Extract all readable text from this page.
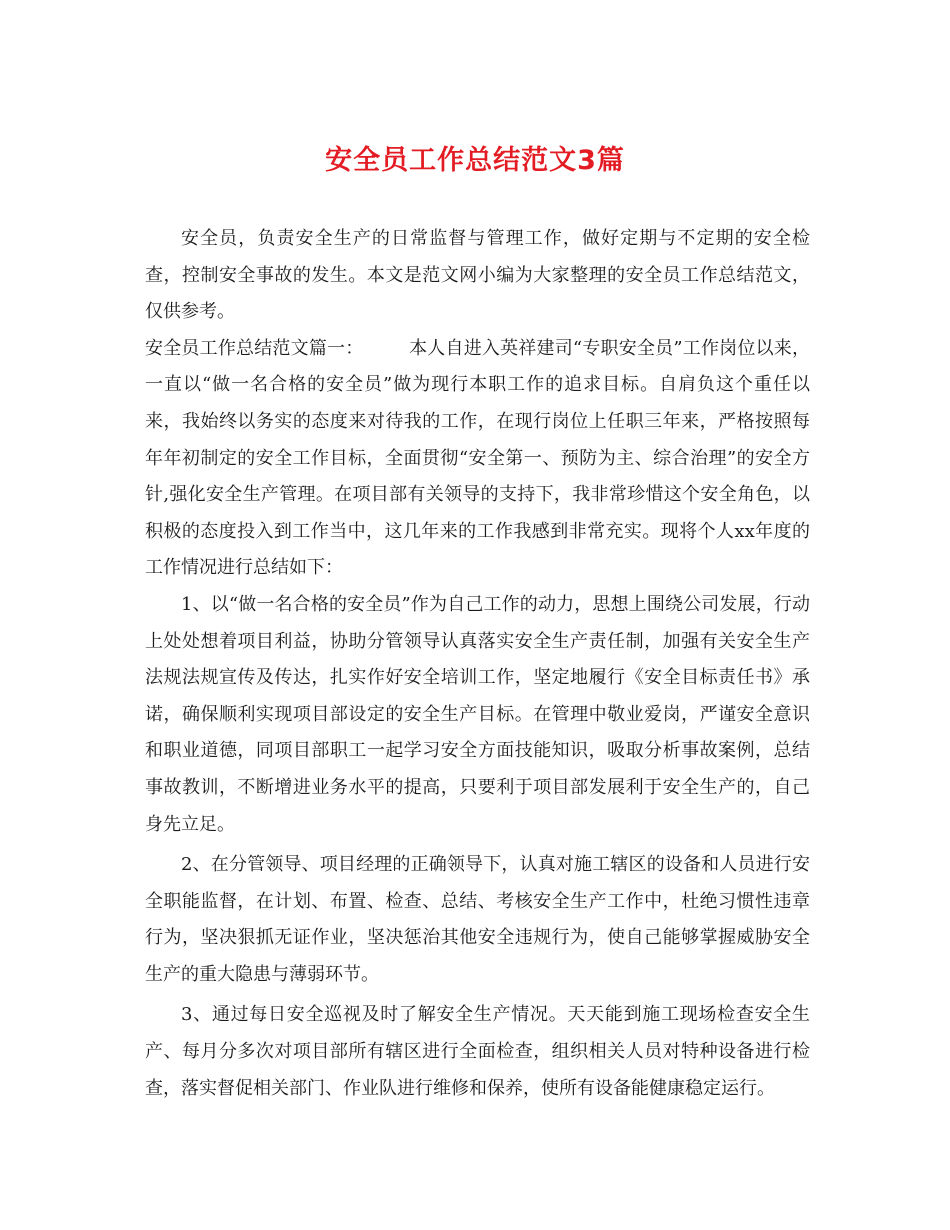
安全员工作总结范文3篇

安全员，负责安全生产的日常监督与管理工作，做好定期与不定期的安全检查，控制安全事故的发生。本文是范文网小编为大家整理的安全员工作总结范文，仅供参考。

安全员工作总结范文篇一：　　　本人自进入英祥建司“专职安全员”工作岗位以来，一直以“做一名合格的安全员”做为现行本职工作的追求目标。自肩负这个重任以来，我始终以务实的态度来对待我的工作，在现行岗位上任职三年来，严格按照每年年初制定的安全工作目标，全面贯彻“安全第一、预防为主、综合治理”的安全方针,强化安全生产管理。在项目部有关领导的支持下，我非常珍惜这个安全角色，以积极的态度投入到工作当中，这几年来的工作我感到非常充实。现将个人xx年度的工作情况进行总结如下：

1、以“做一名合格的安全员”作为自己工作的动力，思想上围绕公司发展，行动上处处想着项目利益，协助分管领导认真落实安全生产责任制，加强有关安全生产法规法规宣传及传达，扎实作好安全培训工作，坚定地履行《安全目标责任书》承诺，确保顺利实现项目部设定的安全生产目标。在管理中敬业爱岗，严谨安全意识和职业道德，同项目部职工一起学习安全方面技能知识，吸取分析事故案例，总结事故教训，不断增进业务水平的提高，只要利于项目部发展利于安全生产的，自己身先立足。

2、在分管领导、项目经理的正确领导下，认真对施工辖区的设备和人员进行安全职能监督，在计划、布置、检查、总结、考核安全生产工作中，杜绝习惯性违章行为，坚决狠抓无证作业，坚决惩治其他安全违规行为，使自己能够掌握威胁安全生产的重大隐患与薄弱环节。

3、通过每日安全巡视及时了解安全生产情况。天天能到施工现场检查安全生产、每月分多次对项目部所有辖区进行全面检查，组织相关人员对特种设备进行检查，落实督促相关部门、作业队进行维修和保养，使所有设备能健康稳定运行。
